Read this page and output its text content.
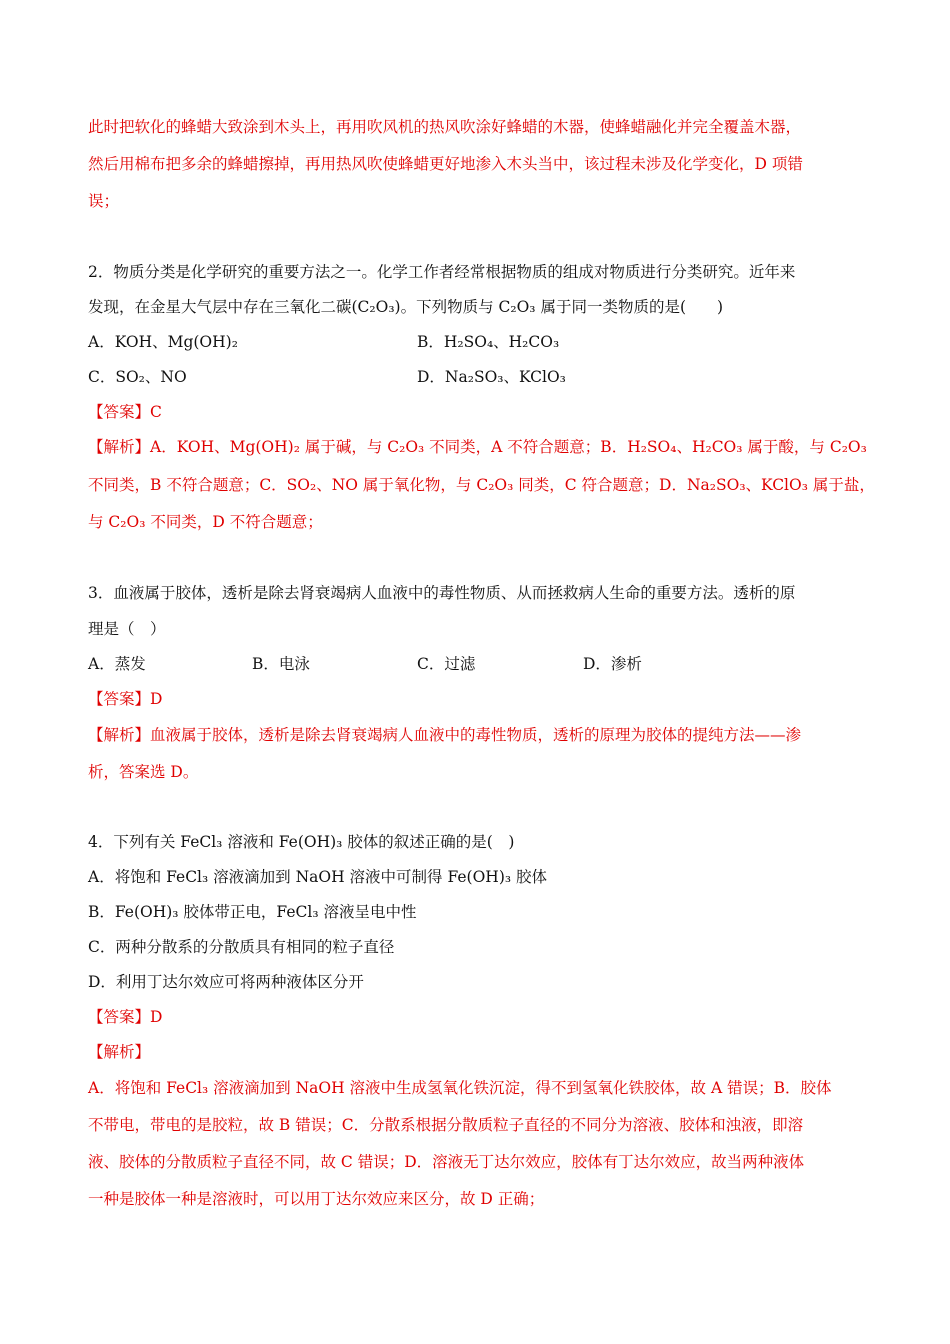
此时把软化的蜂蜡大致涂到木头上，再用吹风机的热风吹涂好蜂蜡的木器，使蜂蜡融化并完全覆盖木器，
然后用棉布把多余的蜂蜡擦掉，再用热风吹使蜂蜡更好地渗入木头当中，该过程未涉及化学变化，D 项错
误；
2．物质分类是化学研究的重要方法之一。化学工作者经常根据物质的组成对物质进行分类研究。近年来
发现，在金星大气层中存在三氧化二碳(C₂O₃)。下列物质与 C₂O₃ 属于同一类物质的是(　　)
A．KOH、Mg(OH)₂	B．H₂SO₄、H₂CO₃
C．SO₂、NO	D．Na₂SO₃、KClO₃
【答案】C
【解析】A．KOH、Mg(OH)₂ 属于碱，与 C₂O₃ 不同类，A 不符合题意；B．H₂SO₄、H₂CO₃ 属于酸，与 C₂O₃
不同类，B 不符合题意；C．SO₂、NO 属于氧化物，与 C₂O₃ 同类，C 符合题意；D．Na₂SO₃、KClO₃ 属于盐，
与 C₂O₃ 不同类，D 不符合题意；
3．血液属于胶体，透析是除去肾衰竭病人血液中的毒性物质、从而拯救病人生命的重要方法。透析的原
理是（　）
A．蒸发	B．电泳	C．过滤	D．渗析
【答案】D
【解析】血液属于胶体，透析是除去肾衰竭病人血液中的毒性物质，透析的原理为胶体的提纯方法——渗
析，答案选 D。
4．下列有关 FeCl₃ 溶液和 Fe(OH)₃ 胶体的叙述正确的是(　)
A．将饱和 FeCl₃ 溶液滴加到 NaOH 溶液中可制得 Fe(OH)₃ 胶体
B．Fe(OH)₃ 胶体带正电，FeCl₃ 溶液呈电中性
C．两种分散系的分散质具有相同的粒子直径
D．利用丁达尔效应可将两种液体区分开
【答案】D
【解析】
A．将饱和 FeCl₃ 溶液滴加到 NaOH 溶液中生成氢氧化铁沉淀，得不到氢氧化铁胶体，故 A 错误；B．胶体
不带电，带电的是胶粒，故 B 错误；C．分散系根据分散质粒子直径的不同分为溶液、胶体和浊液，即溶
液、胶体的分散质粒子直径不同，故 C 错误；D．溶液无丁达尔效应，胶体有丁达尔效应，故当两种液体
一种是胶体一种是溶液时，可以用丁达尔效应来区分，故 D 正确；
